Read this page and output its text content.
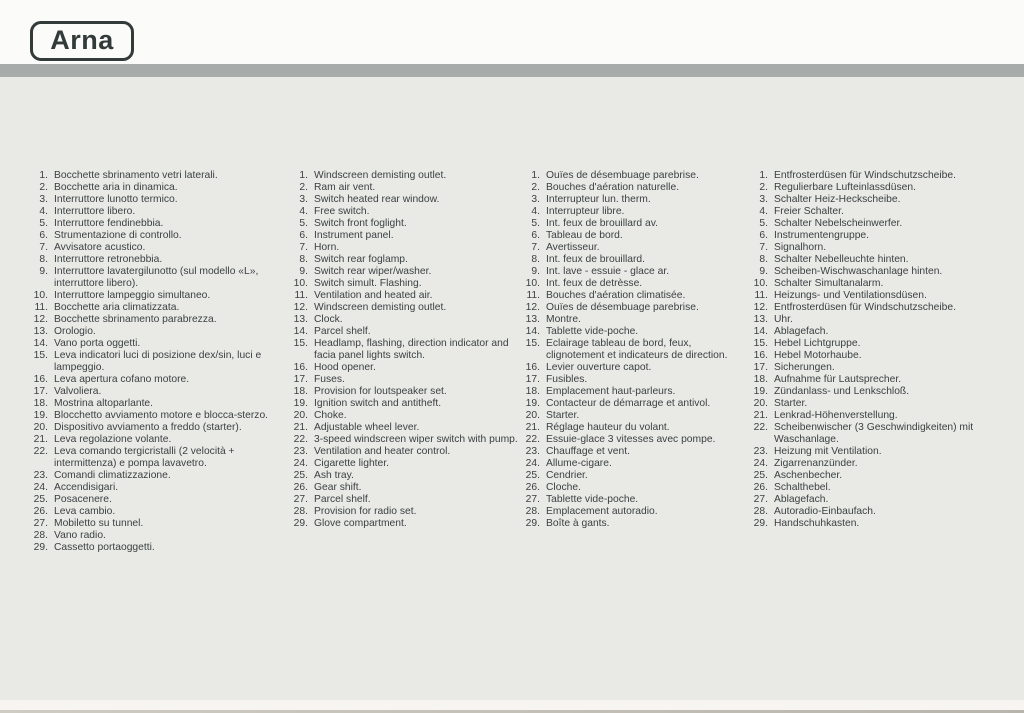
Arna
1. Bocchette sbrinamento vetri laterali.
2. Bocchette aria in dinamica.
3. Interruttore lunotto termico.
4. Interruttore libero.
5. Interruttore fendinebbia.
6. Strumentazione di controllo.
7. Avvisatore acustico.
8. Interruttore retronebbia.
9. Interruttore lavatergilunotto (sul modello «L», interruttore libero).
10. Interruttore lampeggio simultaneo.
11. Bocchette aria climatizzata.
12. Bocchette sbrinamento parabrezza.
13. Orologio.
14. Vano porta oggetti.
15. Leva indicatori luci di posizione dex/sin, luci e lampeggio.
16. Leva apertura cofano motore.
17. Valvoliera.
18. Mostrina altoparlante.
19. Blocchetto avviamento motore e blocca-sterzo.
20. Dispositivo avviamento a freddo (starter).
21. Leva regolazione volante.
22. Leva comando tergicristalli (2 velocità + intermittenza) e pompa lavavetro.
23. Comandi climatizzazione.
24. Accendisigari.
25. Posacenere.
26. Leva cambio.
27. Mobiletto su tunnel.
28. Vano radio.
29. Cassetto portaoggetti.
1. Windscreen demisting outlet.
2. Ram air vent.
3. Switch heated rear window.
4. Free switch.
5. Switch front foglight.
6. Instrument panel.
7. Horn.
8. Switch rear foglamp.
9. Switch rear wiper/washer.
10. Switch simult. Flashing.
11. Ventilation and heated air.
12. Windscreen demisting outlet.
13. Clock.
14. Parcel shelf.
15. Headlamp, flashing, direction indicator and facia panel lights switch.
16. Hood opener.
17. Fuses.
18. Provision for loutspeaker set.
19. Ignition switch and antitheft.
20. Choke.
21. Adjustable wheel lever.
22. 3-speed windscreen wiper switch with pump.
23. Ventilation and heater control.
24. Cigarette lighter.
25. Ash tray.
26. Gear shift.
27. Parcel shelf.
28. Provision for radio set.
29. Glove compartment.
1. Ouïes de désembuage parebrise.
2. Bouches d'aération naturelle.
3. Interrupteur lun. therm.
4. Interrupteur libre.
5. Int. feux de brouillard av.
6. Tableau de bord.
7. Avertisseur.
8. Int. feux de brouillard.
9. Int. lave - essuie - glace ar.
10. Int. feux de detrèsse.
11. Bouches d'aération climatisée.
12. Ouïes de désembuage parebrise.
13. Montre.
14. Tablette vide-poche.
15. Eclairage tableau de bord, feux, clignotement et indicateurs de direction.
16. Levier ouverture capot.
17. Fusibles.
18. Emplacement haut-parleurs.
19. Contacteur de démarrage et antivol.
20. Starter.
21. Réglage hauteur du volant.
22. Essuie-glace 3 vitesses avec pompe.
23. Chauffage et vent.
24. Allume-cigare.
25. Cendrier.
26. Cloche.
27. Tablette vide-poche.
28. Emplacement autoradio.
29. Boîte à gants.
1. Entfrosterdüsen für Windschutzscheibe.
2. Regulierbare Lufteinlassdüsen.
3. Schalter Heiz-Heckscheibe.
4. Freier Schalter.
5. Schalter Nebelscheinwerfer.
6. Instrumentengruppe.
7. Signalhorn.
8. Schalter Nebelleuchte hinten.
9. Scheiben-Wischwaschanlage hinten.
10. Schalter Simultanalarm.
11. Heizungs- und Ventilationsdüsen.
12. Entfrosterdüsen für Windschutzscheibe.
13. Uhr.
14. Ablagefach.
15. Hebel Lichtgruppe.
16. Hebel Motorhaube.
17. Sicherungen.
18. Aufnahme für Lautsprecher.
19. Zündanlass- und Lenkschloß.
20. Starter.
21. Lenkrad-Höhenverstellung.
22. Scheibenwischer (3 Geschwindigkeiten) mit Waschanlage.
23. Heizung mit Ventilation.
24. Zigarrenanzünder.
25. Aschenbecher.
26. Schalthebel.
27. Ablagefach.
28. Autoradio-Einbaufach.
29. Handschuhkasten.
